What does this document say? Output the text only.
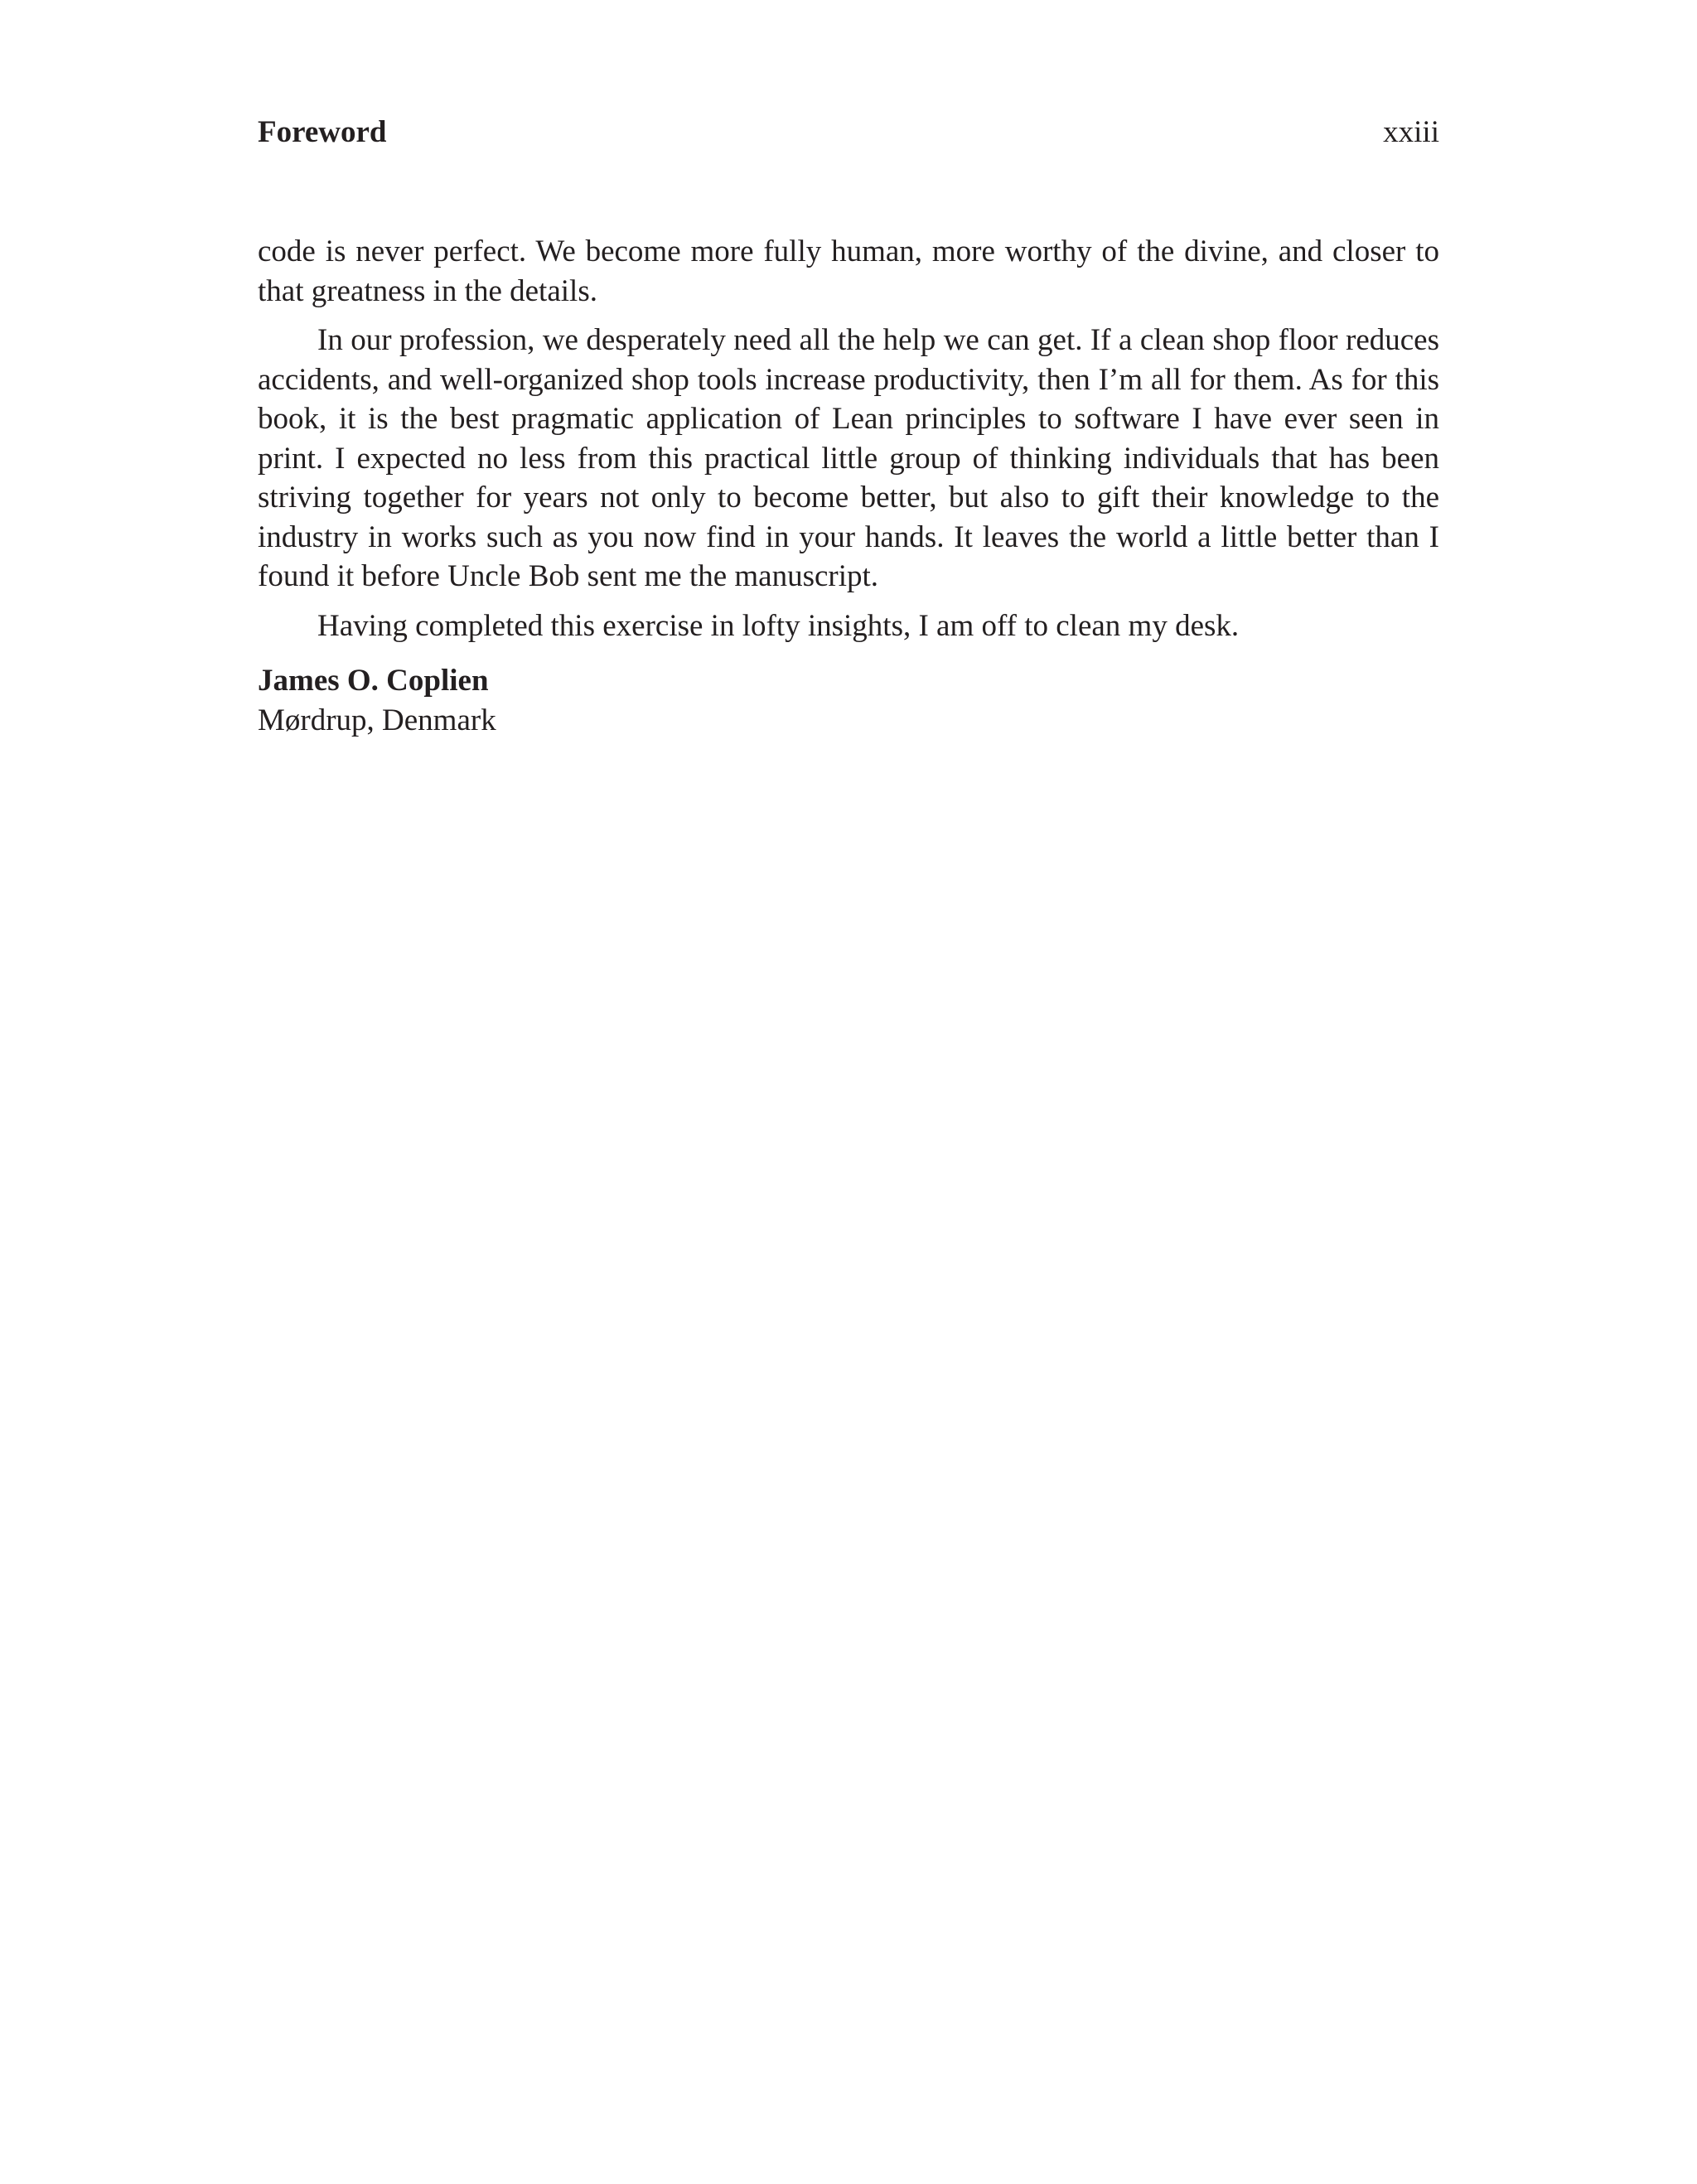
Foreword	xxiii

code is never perfect. We become more fully human, more worthy of the divine, and closer to that greatness in the details.

In our profession, we desperately need all the help we can get. If a clean shop floor reduces accidents, and well-organized shop tools increase productivity, then I’m all for them. As for this book, it is the best pragmatic application of Lean principles to software I have ever seen in print. I expected no less from this practical little group of thinking individuals that has been striving together for years not only to become better, but also to gift their knowledge to the industry in works such as you now find in your hands. It leaves the world a little better than I found it before Uncle Bob sent me the manuscript.

Having completed this exercise in lofty insights, I am off to clean my desk.

James O. Coplien
Mørdrup, Denmark
